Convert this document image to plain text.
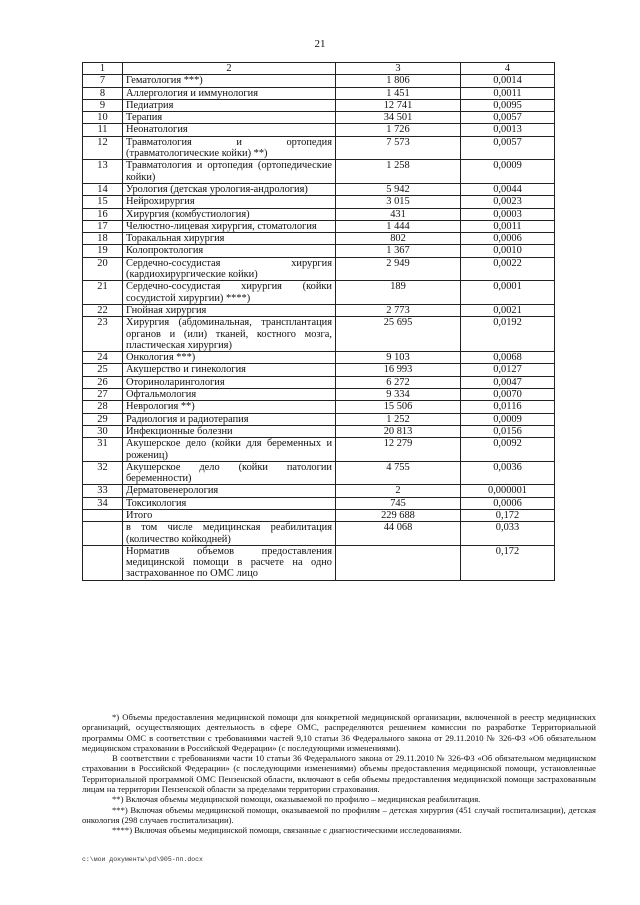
21
1	2	3	4
7	Гематология ***)	1 806	0,0014
8	Аллергология и иммунология	1 451	0,0011
9	Педиатрия	12 741	0,0095
10	Терапия	34 501	0,0057
11	Неонатология	1 726	0,0013
12	Травматология и ортопедия (травматологические койки) **)	7 573	0,0057
13	Травматология и ортопедия (ортопедические койки)	1 258	0,0009
14	Урология (детская урология-андрология)	5 942	0,0044
15	Нейрохирургия	3 015	0,0023
16	Хирургия (комбустиология)	431	0,0003
17	Челюстно-лицевая хирургия, стоматология	1 444	0,0011
18	Торакальная хирургия	802	0,0006
19	Колопроктология	1 367	0,0010
20	Сердечно-сосудистая хирургия (кардиохирургические койки)	2 949	0,0022
21	Сердечно-сосудистая хирургия (койки сосудистой хирургии) ****)	189	0,0001
22	Гнойная хирургия	2 773	0,0021
23	Хирургия (абдоминальная, трансплантация органов и (или) тканей, костного мозга, пластическая хирургия)	25 695	0,0192
24	Онкология ***)	9 103	0,0068
25	Акушерство и гинекология	16 993	0,0127
26	Оториноларингология	6 272	0,0047
27	Офтальмология	9 334	0,0070
28	Неврология **)	15 506	0,0116
29	Радиология и радиотерапия	1 252	0,0009
30	Инфекционные болезни	20 813	0,0156
31	Акушерское дело (койки для беременных и рожениц)	12 279	0,0092
32	Акушерское дело (койки патологии беременности)	4 755	0,0036
33	Дерматовенерология	2	0,000001
34	Токсикология	745	0,0006
	Итого	229 688	0,172
	в том числе медицинская реабилитация (количество койкодней)	44 068	0,033
	Норматив объемов предоставления медицинской помощи в расчете на одно застрахованное по ОМС лицо		0,172

*) Объемы предоставления медицинской помощи для конкретной медицинской организации, включенной в реестр медицинских организаций, осуществляющих деятельность в сфере ОМС, распределяются решением комиссии по разработке Территориальной программы ОМС в соответствии с требованиями частей 9,10 статьи 36 Федерального закона от 29.11.2010 № 326-ФЗ «Об обязательном медицинском страховании в Российской Федерации» (с последующими изменениями).

В соответствии с требованиями части 10 статьи 36 Федерального закона от 29.11.2010 № 326-ФЗ «Об обязательном медицинском страховании в Российской Федерации» (с последующими изменениями) объемы предоставления медицинской помощи, установленные Территориальной программой ОМС Пензенской области, включают в себя объемы предоставления медицинской помощи застрахованным лицам на территории Пензенской области за пределами территории страхования.

**) Включая объемы медицинской помощи, оказываемой по профилю – медицинская реабилитация.

***) Включая объемы медицинской помощи, оказываемой по профилям – детская хирургия (451 случай госпитализации), детская онкология (298 случаев госпитализации).

****) Включая объемы медицинской помощи, связанные с диагностическими исследованиями.

c:\мои документы\pd\905-пп.docx
